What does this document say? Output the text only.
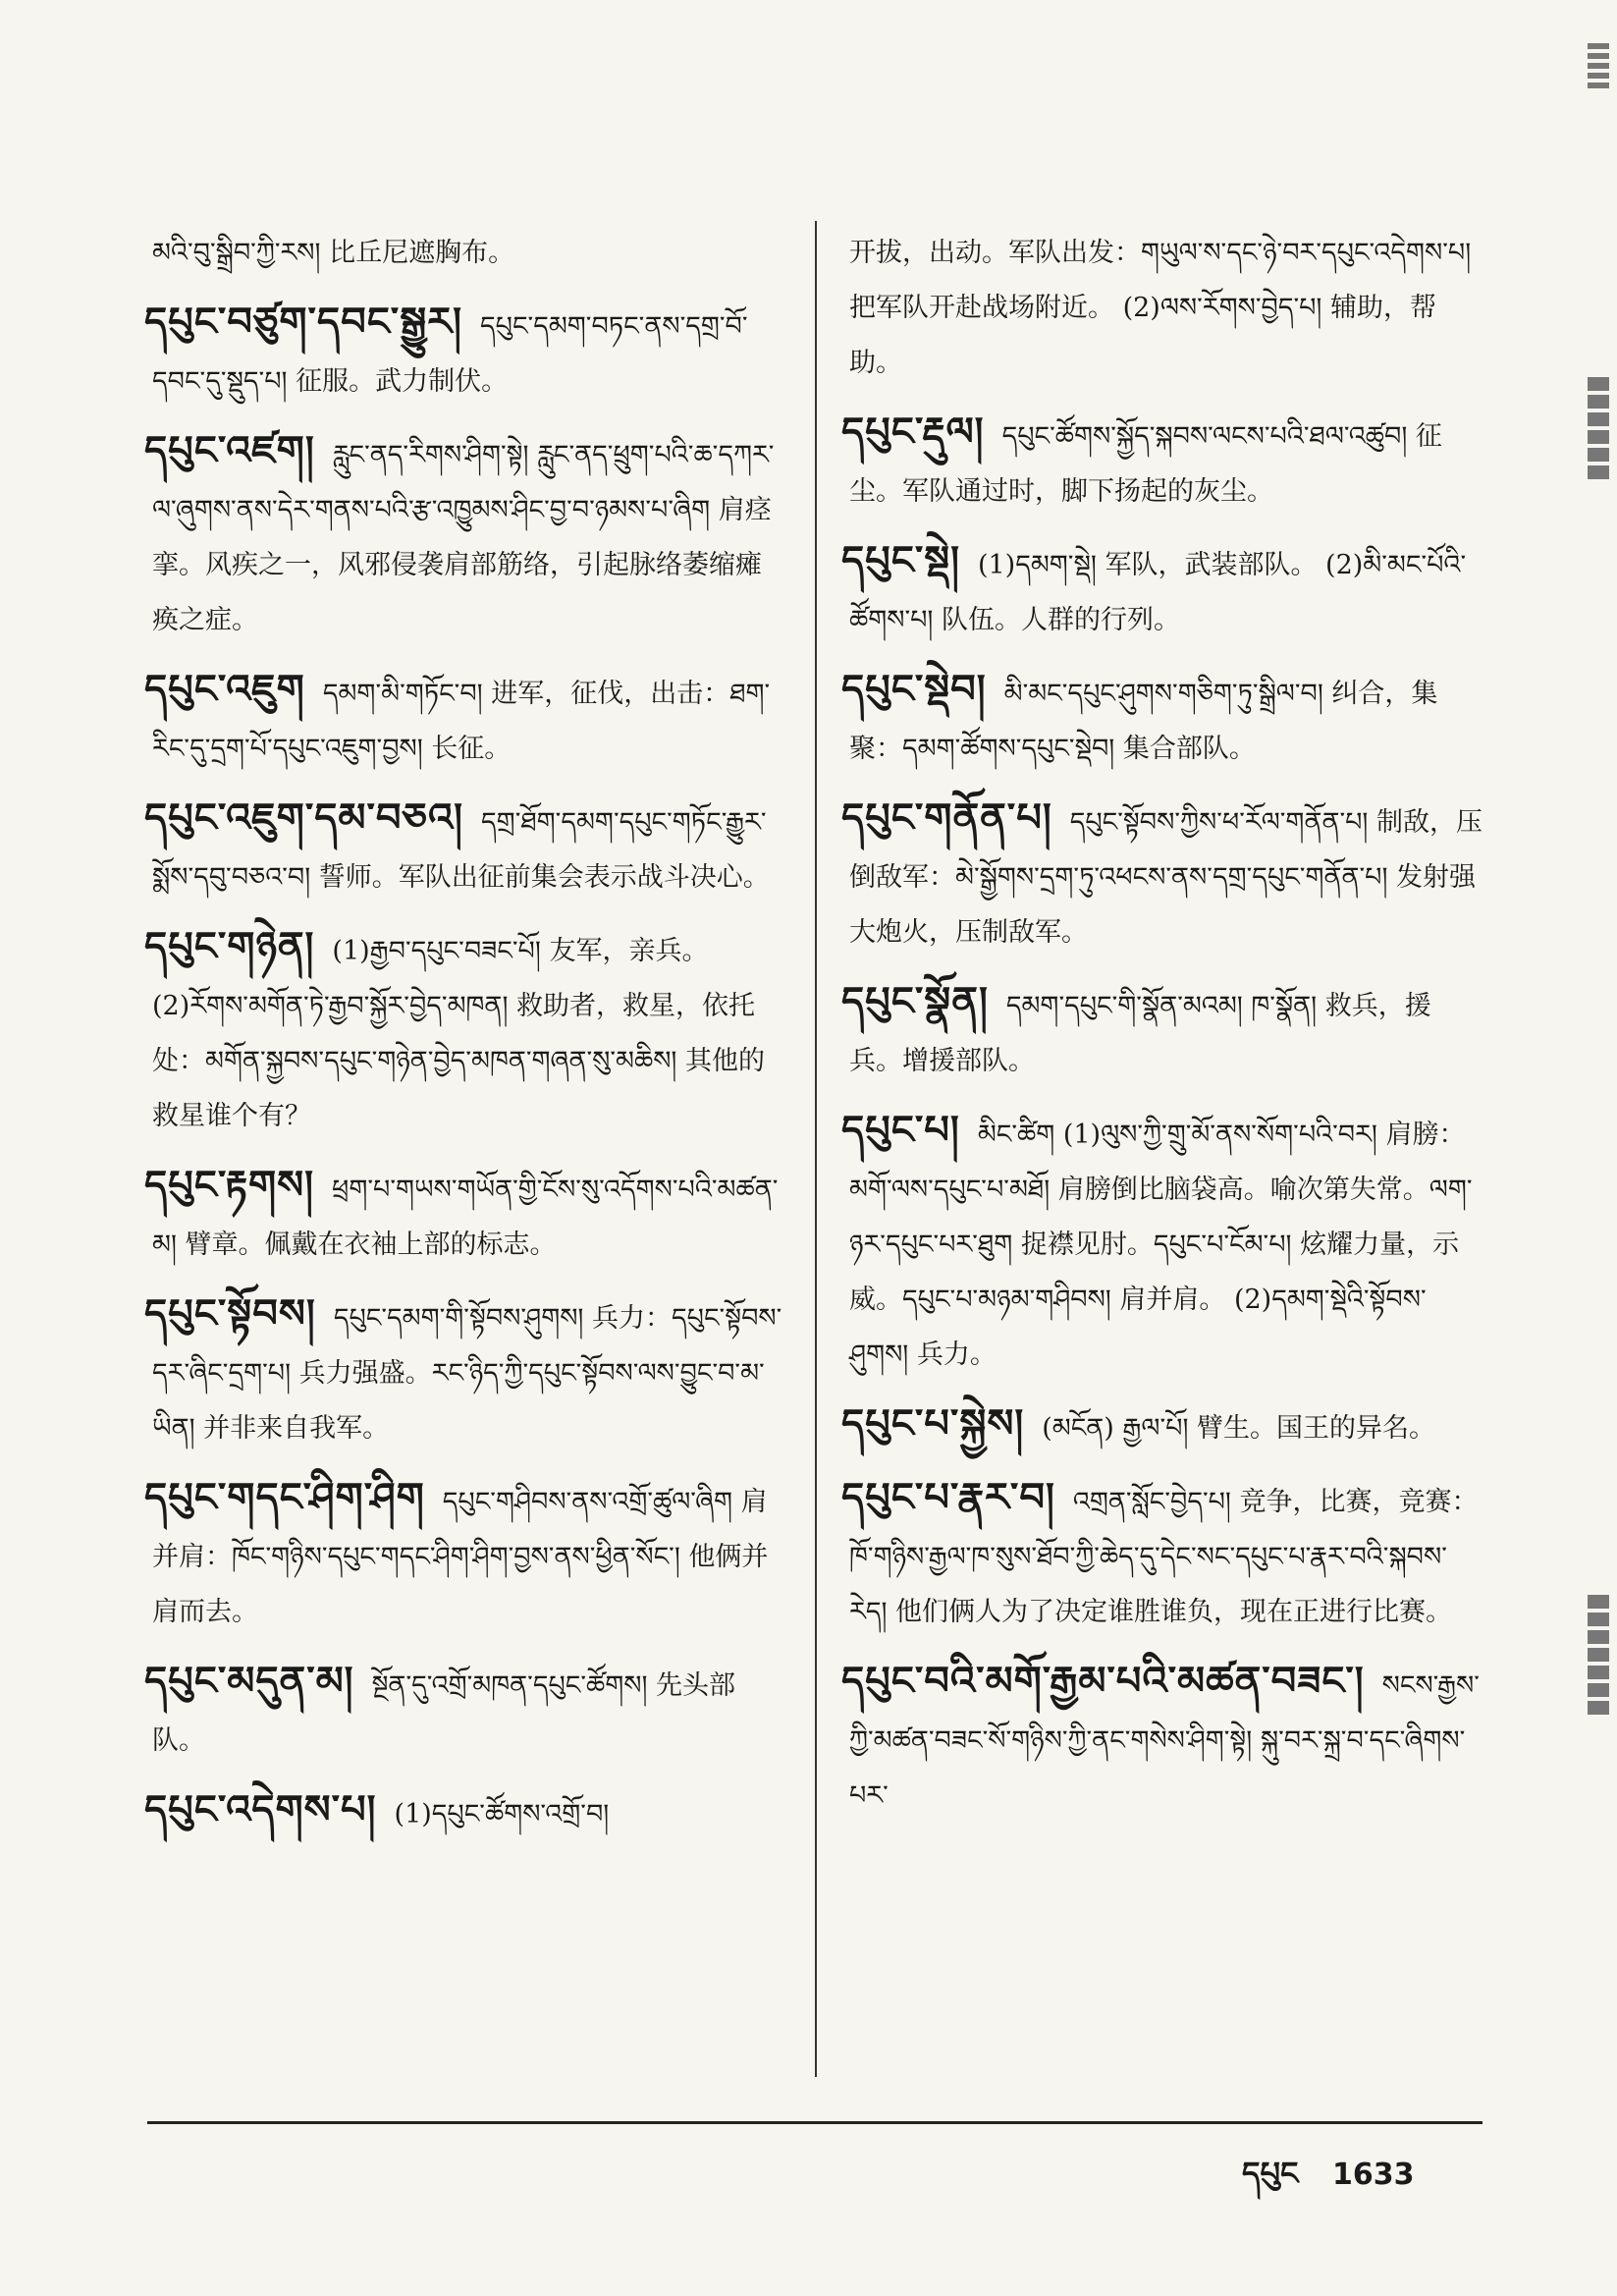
མའི་བུ་སྒྲིབ་ཀྱི་རས། 比丘尼遮胸布。
དཔུང་བཙུག་དབང་སྒྱུར། དཔུང་དམག་བཏང་ནས་དགྲ་བོ་དབང་དུ་སྡུད་པ། 征服。武力制伏。
དཔུང་འཛག། རླུང་ནད་རིགས་ཤིག་སྟེ། རླུང་ནད་ཕྲུག་པའི་ཆ་དཀར་ལ་ཞུགས་ནས་དེར་གནས་པའི་རྩ་འཁྱུམས་ཤིང་བྱ་བ་ཉམས་པ་ཞིག 肩痉挛。风疾之一，风邪侵袭肩部筋络，引起脉络萎缩瘫痪之症。
དཔུང་འཇུག དམག་མི་གཏོང་བ། 进军，征伐，出击：ཐག་རིང་དུ་དྲག་པོ་དཔུང་འཇུག་བྱས། 长征。
དཔུང་འཇུག་དམ་བཅའ། དགྲ་ཐོག་དམག་དཔུང་གཏོང་རྒྱུར་སྨོས་དབུ་བཅའ་བ། 誓师。军队出征前集会表示战斗决心。
དཔུང་གཉེན། (1)རྒྱབ་དཔུང་བཟང་པོ། 友军，亲兵。 (2)རོགས་མགོན་ཏེ་རྒྱབ་སྐྱོར་བྱེད་མཁན། 救助者，救星，依托处：མགོན་སྐྱབས་དཔུང་གཉེན་བྱེད་མཁན་གཞན་སུ་མཆིས། 其他的救星谁个有？
དཔུང་རྟགས། ཕྲག་པ་གཡས་གཡོན་གྱི་ངོས་སུ་འདོགས་པའི་མཚན་མ། 臂章。佩戴在衣袖上部的标志。
དཔུང་སྟོབས། དཔུང་དམག་གི་སྟོབས་ཤུགས། 兵力：དཔུང་སྟོབས་དར་ཞིང་དྲག་པ། 兵力强盛。རང་ཉིད་ཀྱི་དཔུང་སྟོབས་ལས་བྱུང་བ་མ་ཡིན། 并非来自我军。
དཔུང་གདང་ཤིག་ཤིག དཔུང་གཤིབས་ནས་འགྲོ་ཚུལ་ཞིག 肩并肩：ཁོང་གཉིས་དཔུང་གདང་ཤིག་ཤིག་བྱས་ནས་ཕྱིན་སོང་། 他俩并肩而去。
དཔུང་མདུན་མ། སྔོན་དུ་འགྲོ་མཁན་དཔུང་ཚོགས། 先头部队。
དཔུང་འདེགས་པ། (1)དཔུང་ཚོགས་འགྲོ་བ།
开拔，出动。军队出发：གཡུལ་ས་དང་ཉེ་བར་དཔུང་འདེགས་པ། 把军队开赴战场附近。 (2)ལས་རོགས་བྱེད་པ། 辅助，帮助。
དཔུང་རྡུལ། དཔུང་ཚོགས་སྐྱོད་སྐབས་ལངས་པའི་ཐལ་འཚུབ། 征尘。军队通过时，脚下扬起的灰尘。
དཔུང་སྡེ། (1)དམག་སྡེ། 军队，武装部队。 (2)མི་མང་པོའི་ཚོགས་པ། 队伍。人群的行列。
དཔུང་སྡེབ། མི་མང་དཔུང་ཤུགས་གཅིག་ཏུ་སྒྲིལ་བ། 纠合，集聚：དམག་ཚོགས་དཔུང་སྡེབ། 集合部队。
དཔུང་གནོན་པ། དཔུང་སྟོབས་ཀྱིས་ཕ་རོལ་གནོན་པ། 制敌，压倒敌军：མེ་སྒྱོགས་དྲག་ཏུ་འཕངས་ནས་དགྲ་དཔུང་གནོན་པ། 发射强大炮火，压制敌军。
དཔུང་སྣོན། དམག་དཔུང་གི་སྣོན་མའམ། ཁ་སྣོན། 救兵，援兵。增援部队。
དཔུང་པ། མིང་ཚིག (1)ལུས་ཀྱི་གྲུ་མོ་ནས་སོག་པའི་བར། 肩膀：མགོ་ལས་དཔུང་པ་མཐོ། 肩膀倒比脑袋高。喻次第失常。ལག་ཉར་དཔུང་པར་ཐུག 捉襟见肘。དཔུང་པ་ངོམ་པ། 炫耀力量，示威。དཔུང་པ་མཉམ་གཤིབས། 肩并肩。 (2)དམག་སྡེའི་སྟོབས་ཤུགས། 兵力。
དཔུང་པ་སྐྱེས། (མངོན) རྒྱལ་པོ། 臂生。国王的异名。
དཔུང་པ་རྣར་བ། འགྲན་སློང་བྱེད་པ། 竞争，比赛，竞赛：ཁོ་གཉིས་རྒྱལ་ཁ་སུས་ཐོབ་ཀྱི་ཆེད་དུ་དེང་སང་དཔུང་པ་རྣར་བའི་སྐབས་རེད། 他们俩人为了决定谁胜谁负，现在正进行比赛。
དཔུང་བའི་མགོ་རྒྱམ་པའི་མཚན་བཟང་། སངས་རྒྱས་ཀྱི་མཚན་བཟང་སོ་གཉིས་ཀྱི་ནང་གསེས་ཤིག་སྟེ། སྐུ་བར་སྐྲ་བ་དང་ཞིགས་པར་
དཔུང 1633
